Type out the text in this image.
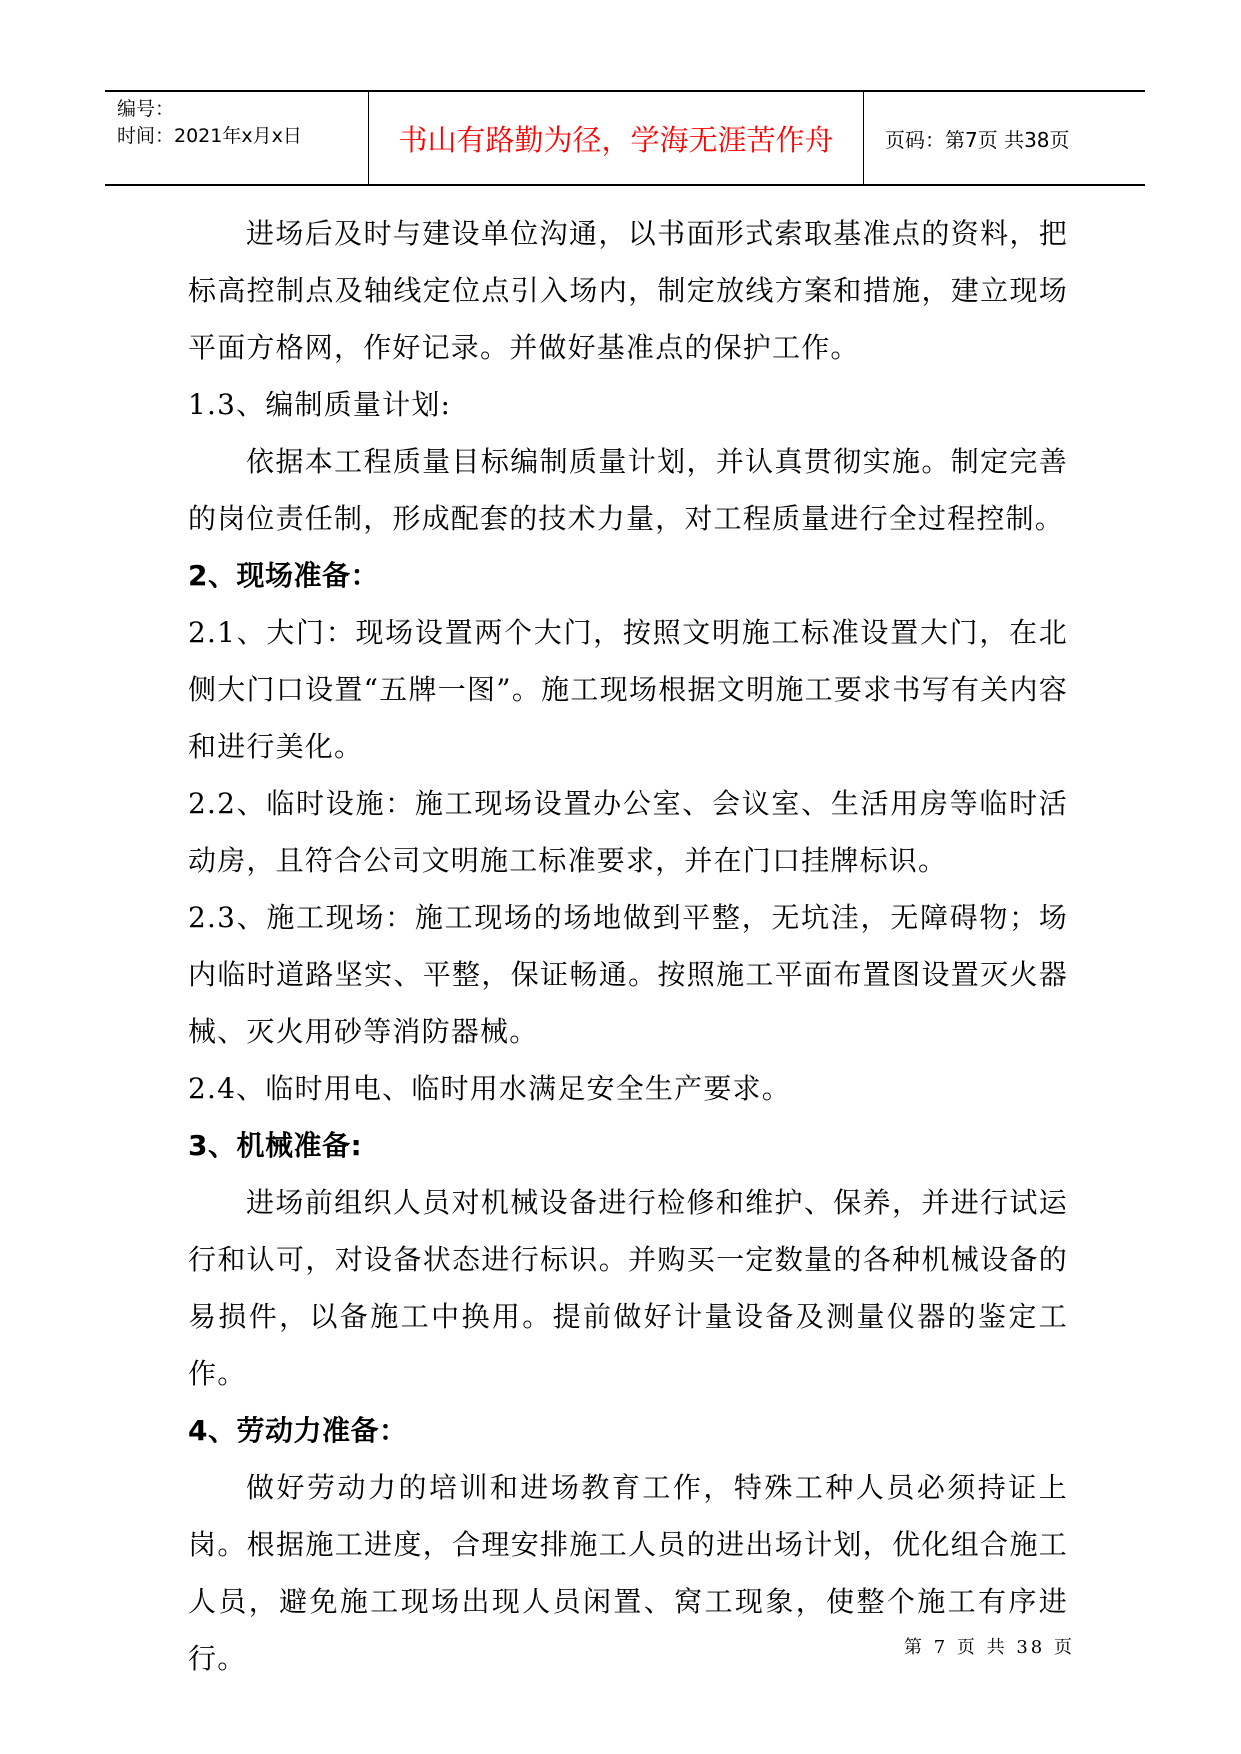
编号：
时间：2021年x月x日	书山有路勤为径，学海无涯苦作舟	页码：第7页 共38页

进场后及时与建设单位沟通，以书面形式索取基准点的资料，把标高控制点及轴线定位点引入场内，制定放线方案和措施，建立现场平面方格网，作好记录。并做好基准点的保护工作。

1.3、编制质量计划:

依据本工程质量目标编制质量计划，并认真贯彻实施。制定完善的岗位责任制，形成配套的技术力量，对工程质量进行全过程控制。

2、现场准备：

2.1、大门：现场设置两个大门，按照文明施工标准设置大门，在北侧大门口设置“五牌一图”。施工现场根据文明施工要求书写有关内容和进行美化。

2.2、临时设施：施工现场设置办公室、会议室、生活用房等临时活动房，且符合公司文明施工标准要求，并在门口挂牌标识。

2.3、施工现场：施工现场的场地做到平整，无坑洼，无障碍物；场内临时道路坚实、平整，保证畅通。按照施工平面布置图设置灭火器械、灭火用砂等消防器械。

2.4、临时用电、临时用水满足安全生产要求。

3、机械准备:

进场前组织人员对机械设备进行检修和维护、保养，并进行试运行和认可，对设备状态进行标识。并购买一定数量的各种机械设备的易损件，以备施工中换用。提前做好计量设备及测量仪器的鉴定工作。

4、劳动力准备：

做好劳动力的培训和进场教育工作，特殊工种人员必须持证上岗。根据施工进度，合理安排施工人员的进出场计划，优化组合施工人员，避免施工现场出现人员闲置、窝工现象，使整个施工有序进行。	第 7 页 共 38 页
